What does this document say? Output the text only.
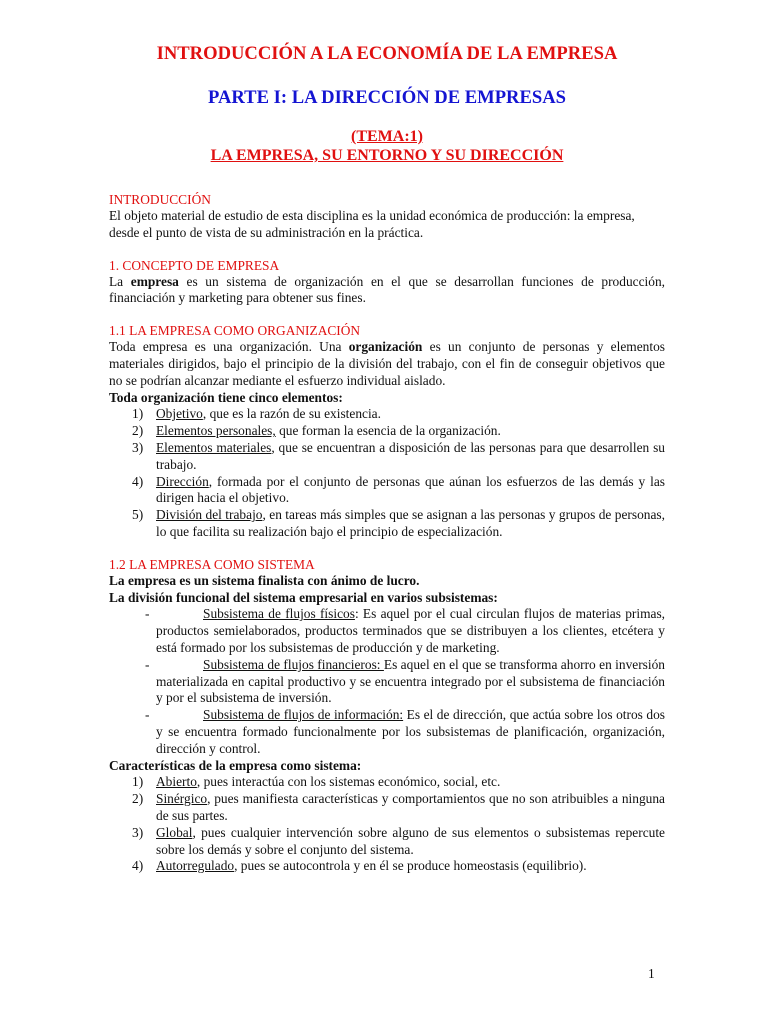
INTRODUCCIÓN A LA ECONOMÍA DE LA EMPRESA
PARTE I: LA DIRECCIÓN DE EMPRESAS
(TEMA:1)
LA EMPRESA, SU ENTORNO Y SU DIRECCIÓN
INTRODUCCIÓN

El objeto material de estudio de esta disciplina es la unidad económica de producción: la empresa, desde el punto de vista de su administración en la práctica.

1. CONCEPTO DE EMPRESA

La empresa es un sistema de organización en el que se desarrollan funciones de producción, financiación y marketing para obtener sus fines.

1.1 LA EMPRESA COMO ORGANIZACIÓN

Toda empresa es una organización. Una organización es un conjunto de personas y elementos materiales dirigidos, bajo el principio de la división del trabajo, con el fin de conseguir objetivos que no se podrían alcanzar mediante el esfuerzo individual aislado.

Toda organización tiene cinco elementos:

1) Objetivo, que es la razón de su existencia.
2) Elementos personales, que forman la esencia de la organización.
3) Elementos materiales, que se encuentran a disposición de las personas para que desarrollen su trabajo.
4) Dirección, formada por el conjunto de personas que aúnan los esfuerzos de las demás y las dirigen hacia el objetivo.
5) División del trabajo, en tareas más simples que se asignan a las personas y grupos de personas, lo que facilita su realización bajo el principio de especialización.
1.2 LA EMPRESA COMO SISTEMA

La empresa es un sistema finalista con ánimo de lucro.

La división funcional del sistema empresarial en varios subsistemas:

-	Subsistema de flujos físicos: Es aquel por el cual circulan flujos de materias primas, productos semielaborados, productos terminados que se distribuyen a los clientes, etcétera y está formado por los subsistemas de producción y de marketing.
-	Subsistema de flujos financieros: Es aquel en el que se transforma ahorro en inversión materializada en capital productivo y se encuentra integrado por el subsistema de financiación y por el subsistema de inversión.
-	Subsistema de flujos de información: Es el de dirección, que actúa sobre los otros dos y se encuentra formado funcionalmente por los subsistemas de planificación, organización, dirección y control.

Características de la empresa como sistema:

1) Abierto, pues interactúa con los sistemas económico, social, etc.
2) Sinérgico, pues manifiesta características y comportamientos que no son atribuibles a ninguna de sus partes.
3) Global, pues cualquier intervención sobre alguno de sus elementos o subsistemas repercute sobre los demás y sobre el conjunto del sistema.
4) Autorregulado, pues se autocontrola y en él se produce homeostasis (equilibrio).
1
